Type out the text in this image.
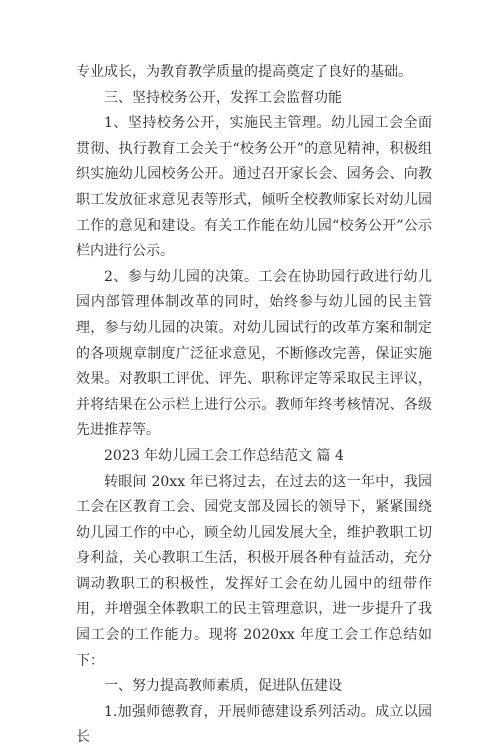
专业成长，为教育教学质量的提高奠定了良好的基础。

三、坚持校务公开，发挥工会监督功能

1、坚持校务公开，实施民主管理。幼儿园工会全面贯彻、执行教育工会关于“校务公开”的意见精神，积极组织实施幼儿园校务公开。通过召开家长会、园务会、向教职工发放征求意见表等形式，倾听全校教师家长对幼儿园工作的意见和建设。有关工作能在幼儿园“校务公开”公示栏内进行公示。

2、参与幼儿园的决策。工会在协助园行政进行幼儿园内部管理体制改革的同时，始终参与幼儿园的民主管理，参与幼儿园的决策。对幼儿园试行的改革方案和制定的各项规章制度广泛征求意见，不断修改完善，保证实施效果。对教职工评优、评先、职称评定等采取民主评议，并将结果在公示栏上进行公示。教师年终考核情况、各级先进推荐等。

2023 年幼儿园工会工作总结范文 篇 4

转眼间 20xx 年已将过去，在过去的这一年中，我园工会在区教育工会、园党支部及园长的领导下，紧紧围绕幼儿园工作的中心，顾全幼儿园发展大全，维护教职工切身利益，关心教职工生活，积极开展各种有益活动，充分调动教职工的积极性，发挥好工会在幼儿园中的纽带作用，并增强全体教职工的民主管理意识，进一步提升了我园工会的工作能力。现将 2020xx 年度工会工作总结如下：

一、努力提高教师素质，促进队伍建设

1.加强师德教育，开展师德建设系列活动。成立以园长
